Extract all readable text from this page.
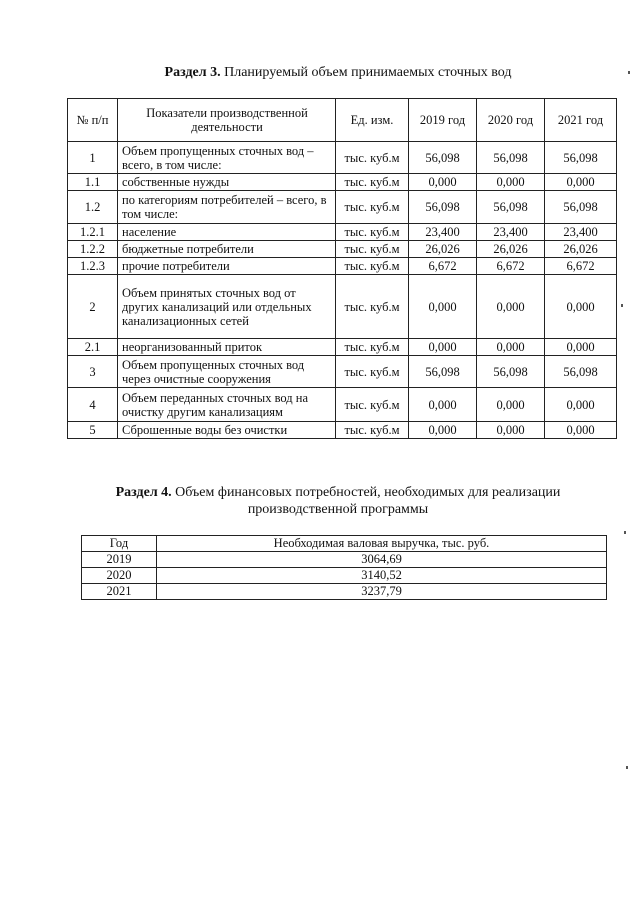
Раздел 3. Планируемый объем принимаемых сточных вод
№ п/п	Показатели производственной деятельности	Ед. изм.	2019 год	2020 год	2021 год
1	Объем пропущенных сточных вод – всего, в том числе:	тыс. куб.м	56,098	56,098	56,098
1.1	собственные нужды	тыс. куб.м	0,000	0,000	0,000
1.2	по категориям потребителей – всего, в том числе:	тыс. куб.м	56,098	56,098	56,098
1.2.1	население	тыс. куб.м	23,400	23,400	23,400
1.2.2	бюджетные потребители	тыс. куб.м	26,026	26,026	26,026
1.2.3	прочие потребители	тыс. куб.м	6,672	6,672	6,672
2	Объем принятых сточных вод от других канализаций или отдельных канализационных сетей	тыс. куб.м	0,000	0,000	0,000
2.1	неорганизованный приток	тыс. куб.м	0,000	0,000	0,000
3	Объем пропущенных сточных вод через очистные сооружения	тыс. куб.м	56,098	56,098	56,098
4	Объем переданных сточных вод на очистку другим канализациям	тыс. куб.м	0,000	0,000	0,000
5	Сброшенные воды без очистки	тыс. куб.м	0,000	0,000	0,000
Раздел 4. Объем финансовых потребностей, необходимых для реализации
производственной программы
Год	Необходимая валовая выручка, тыс. руб.
2019	3064,69
2020	3140,52
2021	3237,79
